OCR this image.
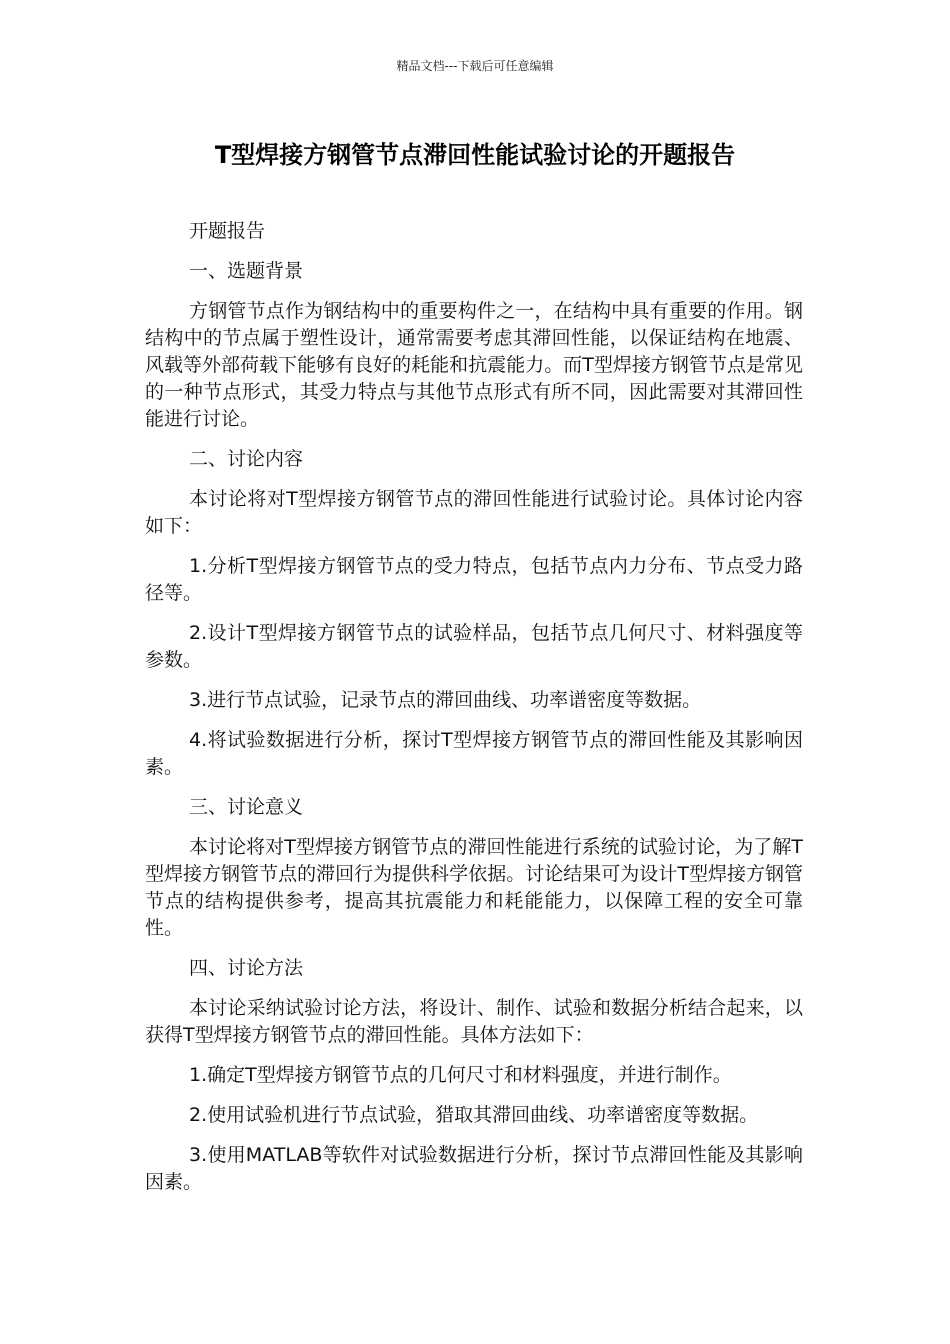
精品文档---下载后可任意编辑
T型焊接方钢管节点滞回性能试验讨论的开题报告

开题报告

一、选题背景

方钢管节点作为钢结构中的重要构件之一，在结构中具有重要的作用。钢结构中的节点属于塑性设计，通常需要考虑其滞回性能，以保证结构在地震、风载等外部荷载下能够有良好的耗能和抗震能力。而T型焊接方钢管节点是常见的一种节点形式，其受力特点与其他节点形式有所不同，因此需要对其滞回性能进行讨论。

二、讨论内容

本讨论将对T型焊接方钢管节点的滞回性能进行试验讨论。具体讨论内容如下：

1.分析T型焊接方钢管节点的受力特点，包括节点内力分布、节点受力路径等。

2.设计T型焊接方钢管节点的试验样品，包括节点几何尺寸、材料强度等参数。

3.进行节点试验，记录节点的滞回曲线、功率谱密度等数据。

4.将试验数据进行分析，探讨T型焊接方钢管节点的滞回性能及其影响因素。

三、讨论意义

本讨论将对T型焊接方钢管节点的滞回性能进行系统的试验讨论，为了解T型焊接方钢管节点的滞回行为提供科学依据。讨论结果可为设计T型焊接方钢管节点的结构提供参考，提高其抗震能力和耗能能力，以保障工程的安全可靠性。

四、讨论方法

本讨论采纳试验讨论方法，将设计、制作、试验和数据分析结合起来，以获得T型焊接方钢管节点的滞回性能。具体方法如下：

1.确定T型焊接方钢管节点的几何尺寸和材料强度，并进行制作。

2.使用试验机进行节点试验，猎取其滞回曲线、功率谱密度等数据。

3.使用MATLAB等软件对试验数据进行分析，探讨节点滞回性能及其影响因素。
